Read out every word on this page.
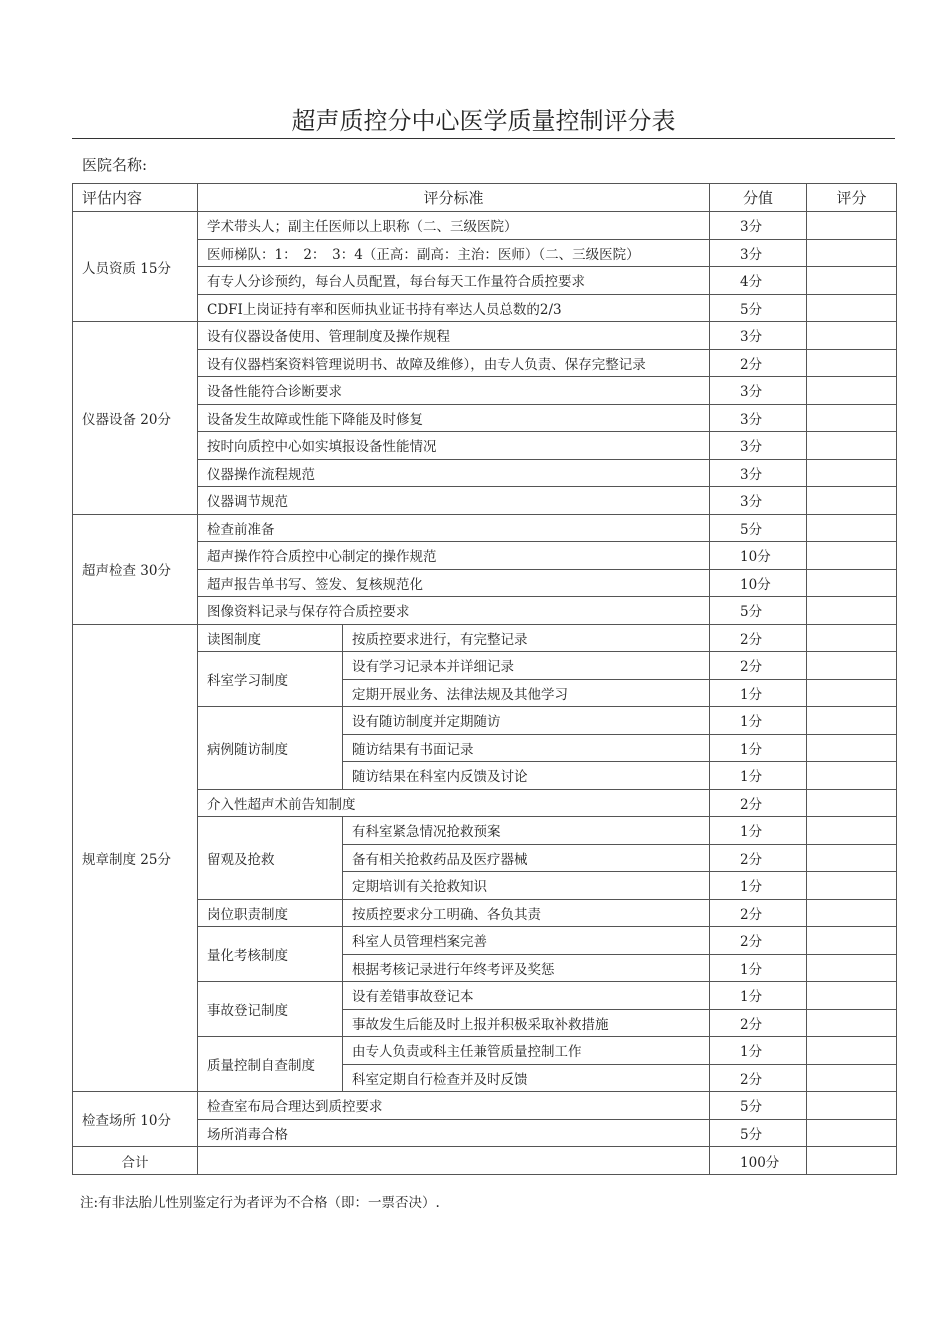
超声质控分中心医学质量控制评分表
医院名称:
评估内容	评分标准		分值	评分
人员资质 15分	学术带头人；副主任医师以上职称（二、三级医院）		3分	
	医师梯队：1：　2：　3：4（正高：副高：主治：医师）（二、三级医院）		3分	
	有专人分诊预约，每台人员配置，每台每天工作量符合质控要求		4分	
	CDFI上岗证持有率和医师执业证书持有率达人员总数的2/3		5分	
仪器设备 20分	设有仪器设备使用、管理制度及操作规程		3分	
	设有仪器档案资料管理说明书、故障及维修），由专人负责、保存完整记录		2分	
	设备性能符合诊断要求		3分	
	设备发生故障或性能下降能及时修复		3分	
	按时向质控中心如实填报设备性能情况		3分	
	仪器操作流程规范		3分	
	仪器调节规范		3分	
超声检查 30分	检查前准备		5分	
	超声操作符合质控中心制定的操作规范		10分	
	超声报告单书写、签发、复核规范化		10分	
	图像资料记录与保存符合质控要求		5分	
规章制度 25分	读图制度	按质控要求进行，有完整记录	2分	
	科室学习制度	设有学习记录本并详细记录	2分	
		定期开展业务、法律法规及其他学习	1分	
	病例随访制度	设有随访制度并定期随访	1分	
		随访结果有书面记录	1分	
		随访结果在科室内反馈及讨论	1分	
	介入性超声术前告知制度		2分	
	留观及抢救	有科室紧急情况抢救预案	1分	
		备有相关抢救药品及医疗器械	2分	
		定期培训有关抢救知识	1分	
	岗位职责制度	按质控要求分工明确、各负其责	2分	
	量化考核制度	科室人员管理档案完善	2分	
		根据考核记录进行年终考评及奖惩	1分	
	事故登记制度	设有差错事故登记本	1分	
		事故发生后能及时上报并积极采取补救措施	2分	
	质量控制自查制度	由专人负责或科主任兼管质量控制工作	1分	
		科室定期自行检查并及时反馈	2分	
检查场所 10分	检查室布局合理达到质控要求		5分	
	场所消毒合格		5分	
合计			100分	
注:有非法胎儿性别鉴定行为者评为不合格（即：一票否决）.
